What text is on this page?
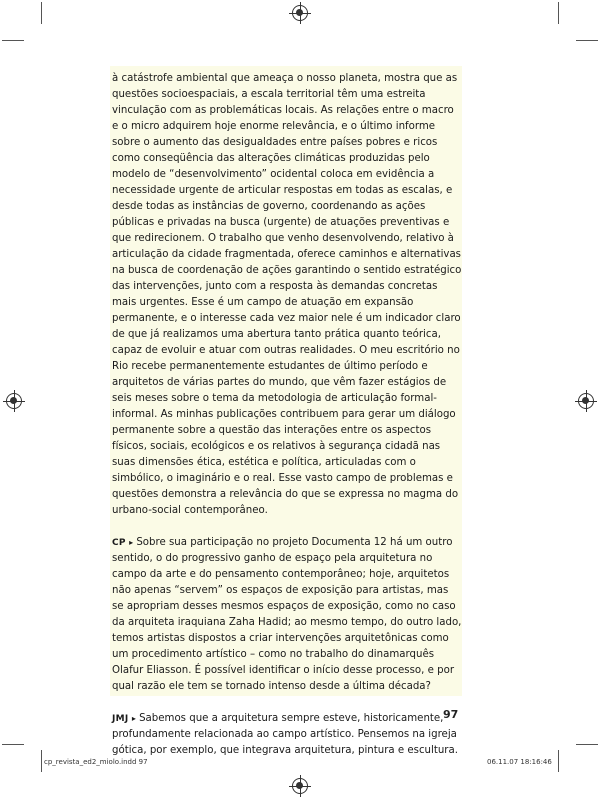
à catástrofe ambiental que ameaça o nosso planeta, mostra que as questões socioespaciais, a escala territorial têm uma estreita vinculação com as problemáticas locais. As relações entre o macro e o micro adquirem hoje enorme relevância, e o último informe sobre o aumento das desigualdades entre países pobres e ricos como conseqüência das alterações climáticas produzidas pelo modelo de “desenvolvimento” ocidental coloca em evidência a necessidade urgente de articular respostas em todas as escalas, e desde todas as instâncias de governo, coordenando as ações públicas e privadas na busca (urgente) de atuações preventivas e que redirecionem. O trabalho que venho desenvolvendo, relativo à articulação da cidade fragmentada, oferece caminhos e alternativas na busca de coordenação de ações garantindo o sentido estratégico das intervenções, junto com a resposta às demandas concretas mais urgentes. Esse é um campo de atuação em expansão permanente, e o interesse cada vez maior nele é um indicador claro de que já realizamos uma abertura tanto prática quanto teórica, capaz de evoluir e atuar com outras realidades. O meu escritório no Rio recebe permanentemente estudantes de último período e arquitetos de várias partes do mundo, que vêm fazer estágios de seis meses sobre o tema da metodologia de articulação formal-informal. As minhas publicações contribuem para gerar um diálogo permanente sobre a questão das interações entre os aspectos físicos, sociais, ecológicos e os relativos à segurança cidadã nas suas dimensões ética, estética e política, articuladas com o simbólico, o imaginário e o real. Esse vasto campo de problemas e questões demonstra a relevância do que se expressa no magma do urbano-social contemporâneo.

CP ▸ Sobre sua participação no projeto Documenta 12 há um outro sentido, o do progressivo ganho de espaço pela arquitetura no campo da arte e do pensamento contemporâneo; hoje, arquitetos não apenas “servem” os espaços de exposição para artistas, mas se apropriam desses mesmos espaços de exposição, como no caso da arquiteta iraquiana Zaha Hadid; ao mesmo tempo, do outro lado, temos artistas dispostos a criar intervenções arquitetônicas como um procedimento artístico – como no trabalho do dinamarquês Olafur Eliasson. É possível identificar o início desse processo, e por qual razão ele tem se tornado intenso desde a última década?

JMJ ▸ Sabemos que a arquitetura sempre esteve, historicamente, profundamente relacionada ao campo artístico. Pensemos na igreja gótica, por exemplo, que integrava arquitetura, pintura e escultura.

97
cp_revista_ed2_miolo.indd 97	06.11.07 18:16:46
